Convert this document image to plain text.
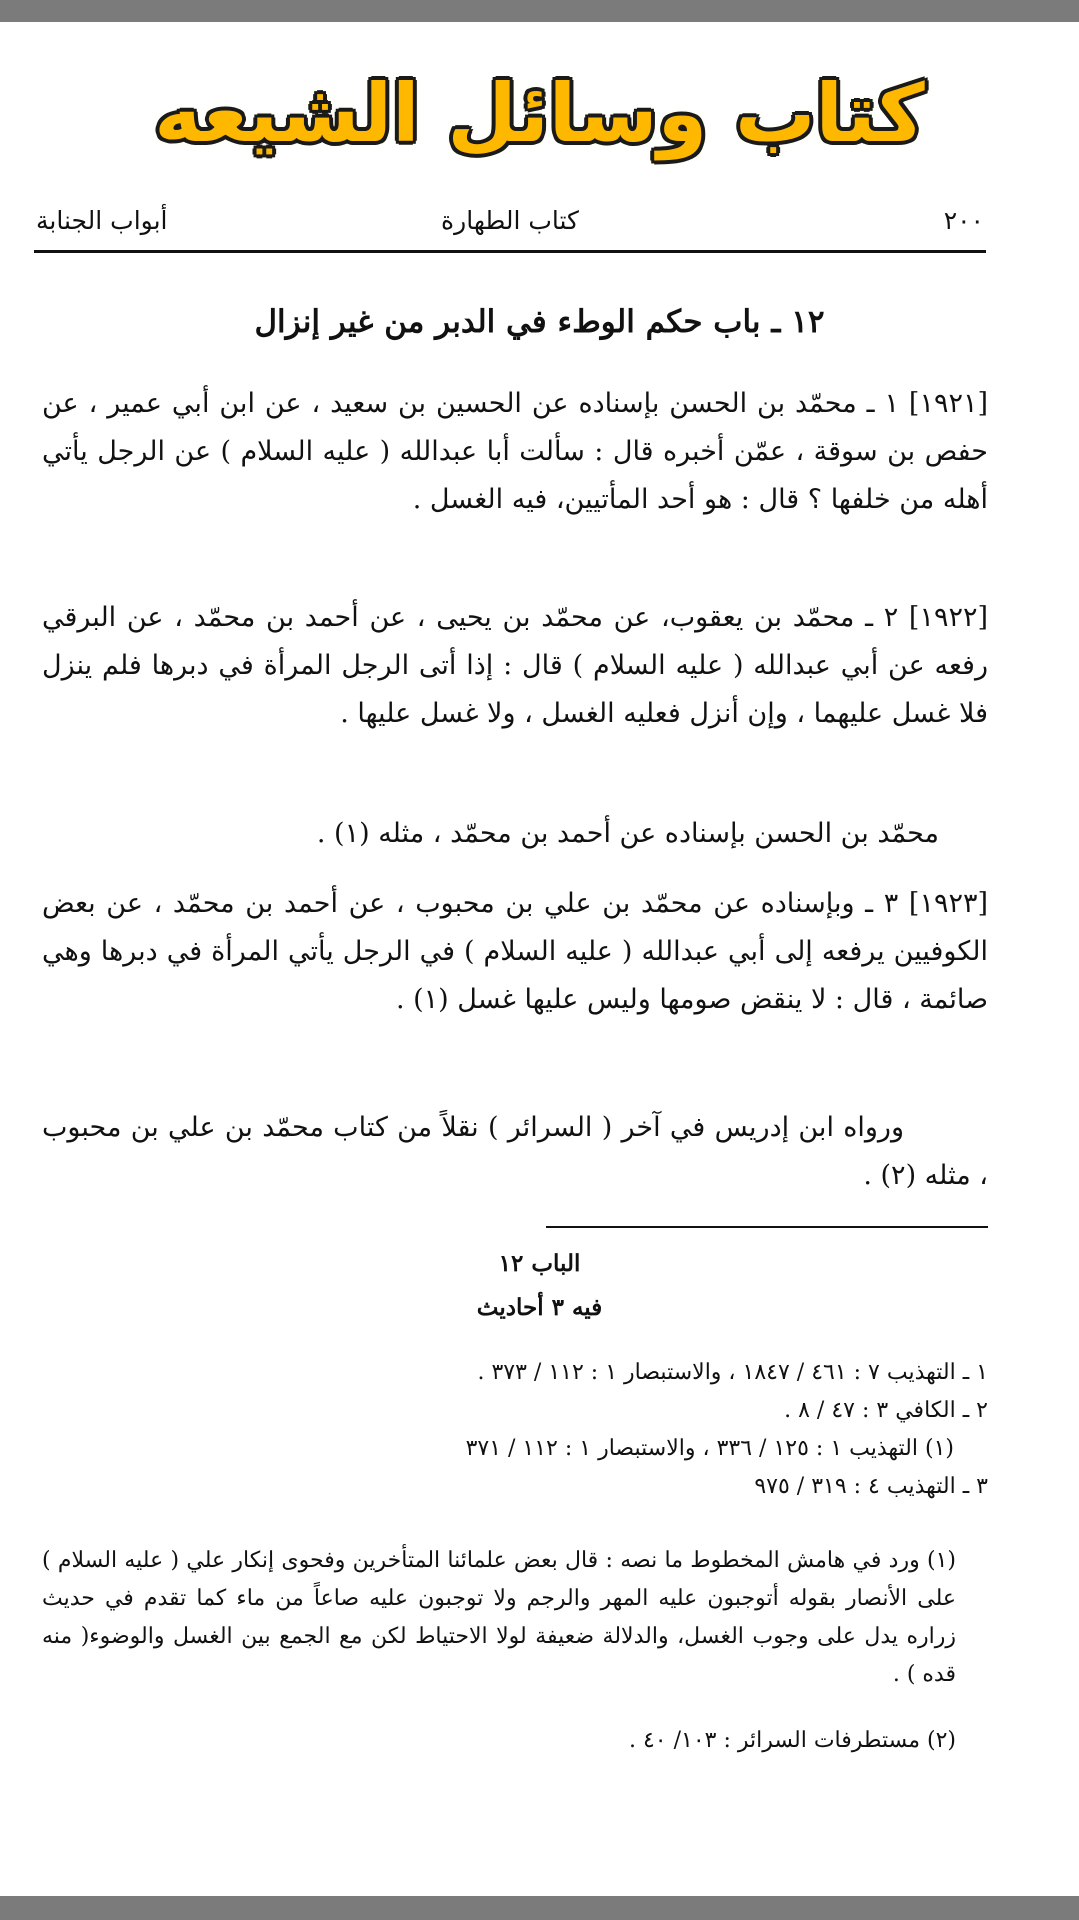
كتاب وسائل الشيعه
٢٠٠
كتاب الطهارة
أبواب الجنابة
١٢ ـ باب حكم الوطء في الدبر من غير إنزال
[١٩٢١] ١ ـ محمّد بن الحسن بإسناده عن الحسين بن سعيد ، عن ابن أبي عمير ، عن حفص بن سوقة ، عمّن أخبره قال : سألت أبا عبدالله ( عليه السلام ) عن الرجل يأتي أهله من خلفها ؟ قال : هو أحد المأتيين، فيه الغسل .
[١٩٢٢] ٢ ـ محمّد بن يعقوب، عن محمّد بن يحيى ، عن أحمد بن محمّد ، عن البرقي رفعه عن أبي عبدالله ( عليه السلام ) قال : إذا أتى الرجل المرأة في دبرها فلم ينزل فلا غسل عليهما ، وإن أنزل فعليه الغسل ، ولا غسل عليها .
محمّد بن الحسن بإسناده عن أحمد بن محمّد ، مثله (١) .
[١٩٢٣] ٣ ـ وبإسناده عن محمّد بن علي بن محبوب ، عن أحمد بن محمّد ، عن بعض الكوفيين يرفعه إلى أبي عبدالله ( عليه السلام ) في الرجل يأتي المرأة في دبرها وهي صائمة ، قال : لا ينقض صومها وليس عليها غسل (١) .
ورواه ابن إدريس في آخر ( السرائر ) نقلاً من كتاب محمّد بن علي بن محبوب ، مثله (٢) .
الباب ١٢
فيه ٣ أحاديث
١ ـ التهذيب ٧ : ٤٦١ / ١٨٤٧ ، والاستبصار ١ : ١١٢ / ٣٧٣ .
٢ ـ الكافي ٣ : ٤٧ / ٨ .
(١) التهذيب ١ : ١٢٥ / ٣٣٦ ، والاستبصار ١ : ١١٢ / ٣٧١
٣ ـ التهذيب ٤ : ٣١٩ / ٩٧٥
(١) ورد في هامش المخطوط ما نصه : قال بعض علمائنا المتأخرين وفحوى إنكار علي ( عليه السلام ) على الأنصار بقوله أتوجبون عليه المهر والرجم ولا توجبون عليه صاعاً من ماء كما تقدم في حديث زراره يدل على وجوب الغسل، والدلالة ضعيفة لولا الاحتياط لكن مع الجمع بين الغسل والوضوء( منه قده ) .
(٢) مستطرفات السرائر : ١٠٣/ ٤٠ .
